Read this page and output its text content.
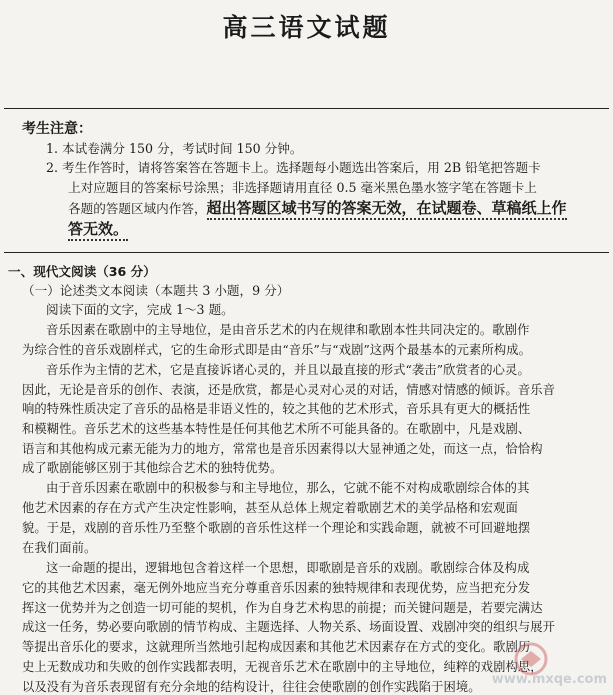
高三语文试题
考生注意：
1. 本试卷满分 150 分，考试时间 150 分钟。
2. 考生作答时，请将答案答在答题卡上。选择题每小题选出答案后，用 2B 铅笔把答题卡
上对应题目的答案标号涂黑；非选择题请用直径 0.5 毫米黑色墨水签字笔在答题卡上
各题的答题区域内作答，超出答题区域书写的答案无效，在试题卷、草稿纸上作
答无效。
一、现代文阅读（36 分）
（一）论述类文本阅读（本题共 3 小题，9 分）
阅读下面的文字，完成 1～3 题。
音乐因素在歌剧中的主导地位，是由音乐艺术的内在规律和歌剧本性共同决定的。歌剧作
为综合性的音乐戏剧样式，它的生命形式即是由“音乐”与“戏剧”这两个最基本的元素所构成。
音乐作为主情的艺术，它是直接诉诸心灵的，并且以最直接的形式“袭击”欣赏者的心灵。
因此，无论是音乐的创作、表演，还是欣赏，都是心灵对心灵的对话，情感对情感的倾诉。音乐音
响的特殊性质决定了音乐的品格是非语义性的，较之其他的艺术形式，音乐具有更大的概括性
和模糊性。音乐艺术的这些基本特性是任何其他艺术所不可能具备的。在歌剧中，凡是戏剧、
语言和其他构成元素无能为力的地方，常常也是音乐因素得以大显神通之处，而这一点，恰恰构
成了歌剧能够区别于其他综合艺术的独特优势。
由于音乐因素在歌剧中的积极参与和主导地位，那么，它就不能不对构成歌剧综合体的其
他艺术因素的存在方式产生决定性影响，甚至从总体上规定着歌剧艺术的美学品格和宏观面
貌。于是，戏剧的音乐性乃至整个歌剧的音乐性这样一个理论和实践命题，就被不可回避地摆
在我们面前。
这一命题的提出，逻辑地包含着这样一个思想，即歌剧是音乐的戏剧。歌剧综合体及构成
它的其他艺术因素，毫无例外地应当充分尊重音乐因素的独特规律和表现优势，应当把充分发
挥这一优势并为之创造一切可能的契机，作为自身艺术构思的前提；而关键问题是，若要完满达
成这一任务，势必要向歌剧的情节构成、主题选择、人物关系、场面设置、戏剧冲突的组织与展开
等提出音乐化的要求，这就理所当然地引起构成因素和其他艺术因素存在方式的变化。歌剧历
史上无数成功和失败的创作实践都表明，无视音乐艺术在歌剧中的主导地位，纯粹的戏剧构思，
以及没有为音乐表现留有充分余地的结构设计，往往会使歌剧的创作实践陷于困境。 www.mxqe.com
